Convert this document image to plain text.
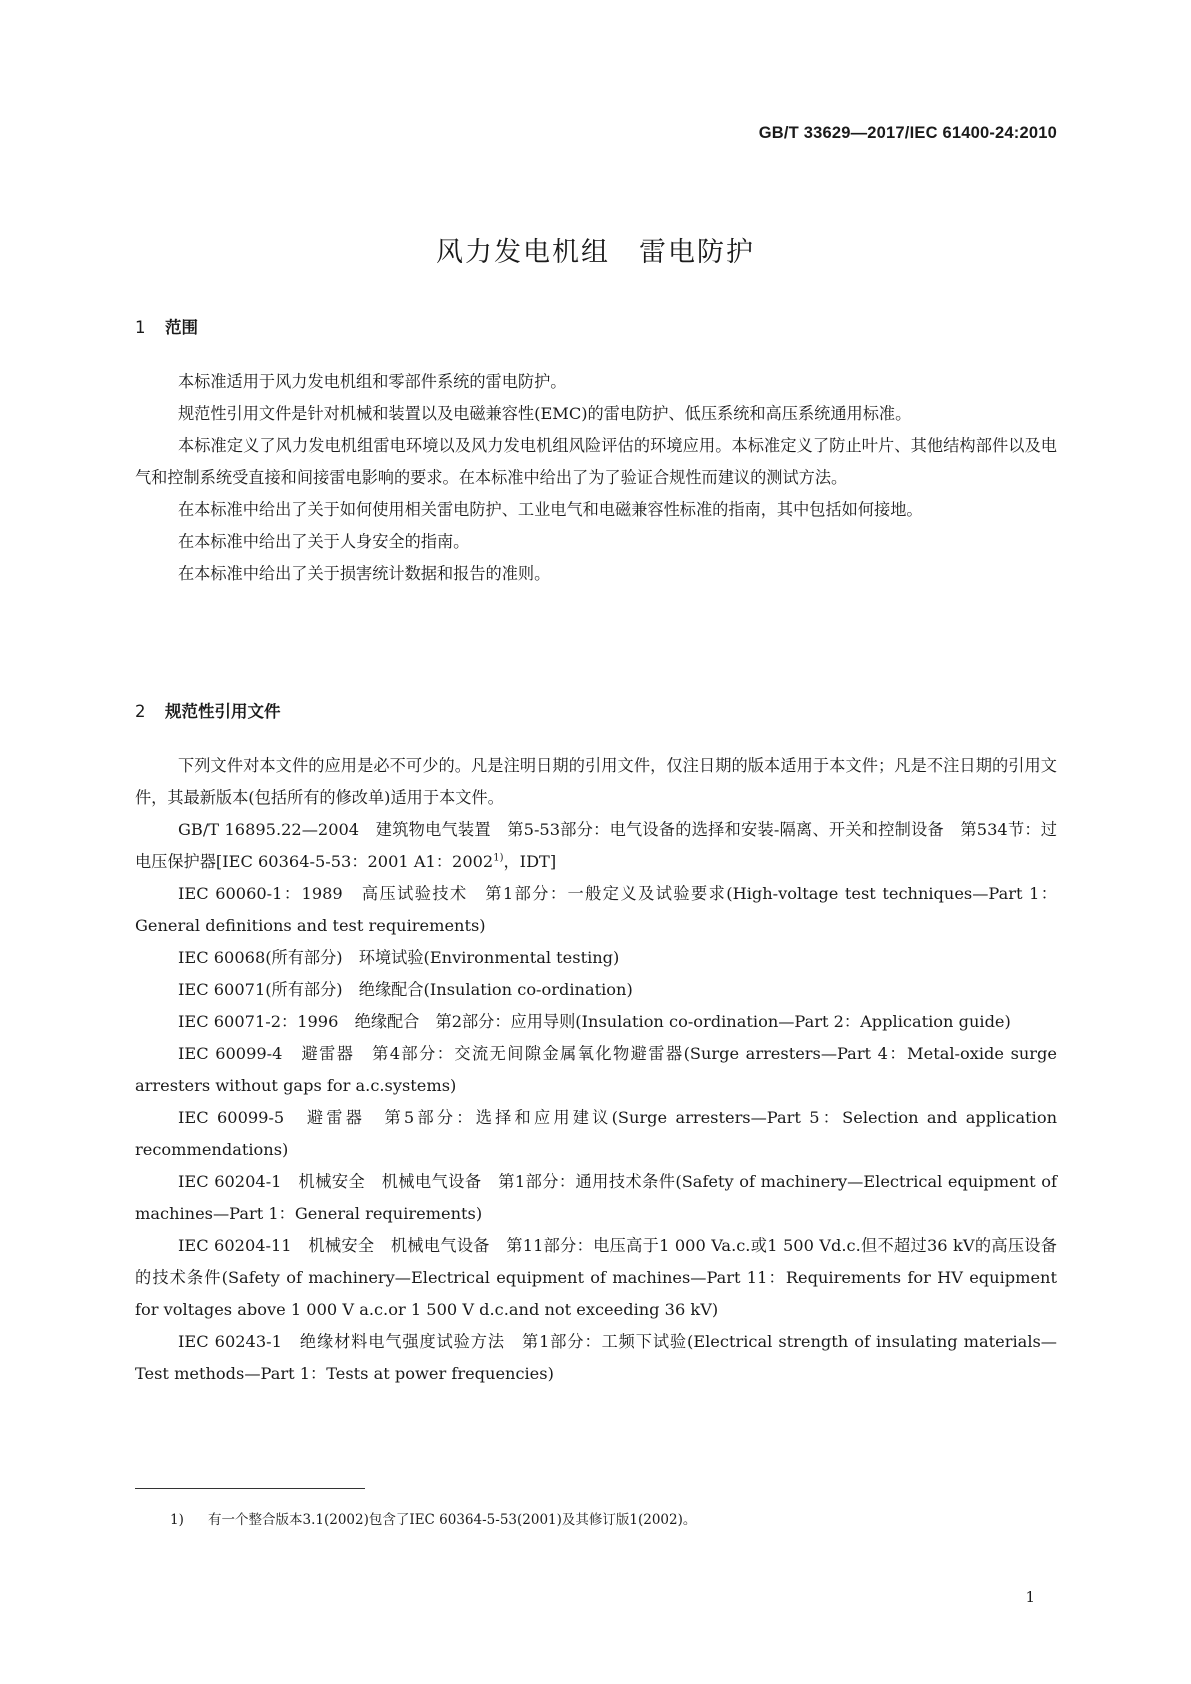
GB/T 33629—2017/IEC 61400-24:2010
风力发电机组　雷电防护
1 范围

本标准适用于风力发电机组和零部件系统的雷电防护。

规范性引用文件是针对机械和装置以及电磁兼容性(EMC)的雷电防护、低压系统和高压系统通用标准。

本标准定义了风力发电机组雷电环境以及风力发电机组风险评估的环境应用。本标准定义了防止叶片、其他结构部件以及电气和控制系统受直接和间接雷电影响的要求。在本标准中给出了为了验证合规性而建议的测试方法。

在本标准中给出了关于如何使用相关雷电防护、工业电气和电磁兼容性标准的指南，其中包括如何接地。

在本标准中给出了关于人身安全的指南。

在本标准中给出了关于损害统计数据和报告的准则。

2 规范性引用文件

下列文件对本文件的应用是必不可少的。凡是注明日期的引用文件，仅注日期的版本适用于本文件；凡是不注日期的引用文件，其最新版本(包括所有的修改单)适用于本文件。

GB/T 16895.22—2004　建筑物电气装置　第5-53部分：电气设备的选择和安装-隔离、开关和控制设备　第534节：过电压保护器[IEC 60364-5-53：2001 A1：2002$^{1)}$，IDT]

IEC 60060-1：1989　高压试验技术　第1部分：一般定义及试验要求(High-voltage test techniques—Part 1：General definitions and test requirements)

IEC 60068(所有部分)　环境试验(Environmental testing)

IEC 60071(所有部分)　绝缘配合(Insulation co-ordination)

IEC 60071-2：1996　绝缘配合　第2部分：应用导则(Insulation co-ordination—Part 2：Application guide)

IEC 60099-4　避雷器　第4部分：交流无间隙金属氧化物避雷器(Surge arresters—Part 4：Metal-oxide surge arresters without gaps for a.c.systems)

IEC 60099-5　避雷器　第5部分：选择和应用建议(Surge arresters—Part 5：Selection and application recommendations)

IEC 60204-1　机械安全　机械电气设备　第1部分：通用技术条件(Safety of machinery—Electrical equipment of machines—Part 1：General requirements)

IEC 60204-11　机械安全　机械电气设备　第11部分：电压高于1 000 Va.c.或1 500 Vd.c.但不超过36 kV的高压设备的技术条件(Safety of machinery—Electrical equipment of machines—Part 11：Requirements for HV equipment for voltages above 1 000 V a.c.or 1 500 V d.c.and not exceeding 36 kV)

IEC 60243-1　绝缘材料电气强度试验方法　第1部分：工频下试验(Electrical strength of insulating materials—Test methods—Part 1：Tests at power frequencies)

1) 有一个整合版本3.1(2002)包含了IEC 60364-5-53(2001)及其修订版1(2002)。
1
